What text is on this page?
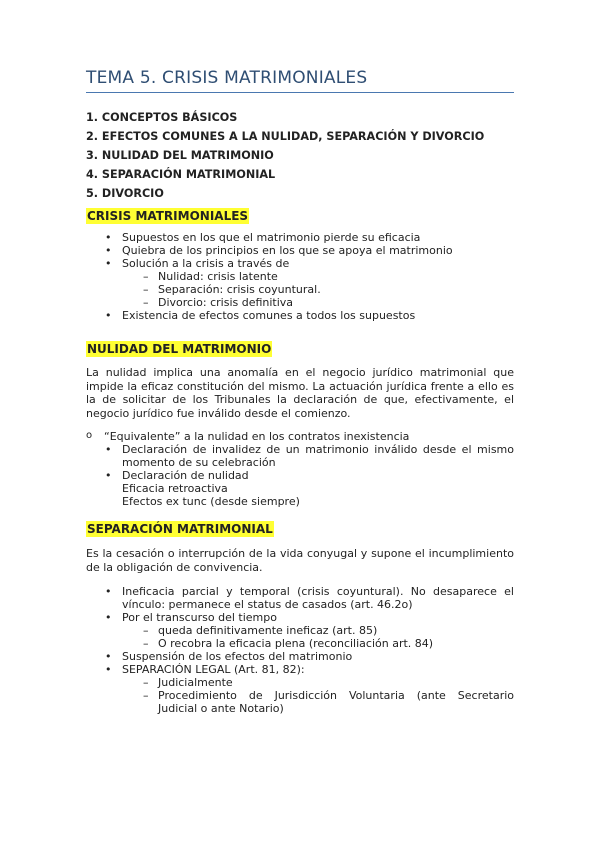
TEMA 5. CRISIS MATRIMONIALES
1. CONCEPTOS BÁSICOS
2. EFECTOS COMUNES A LA NULIDAD, SEPARACIÓN Y DIVORCIO
3. NULIDAD DEL MATRIMONIO
4. SEPARACIÓN MATRIMONIAL
5. DIVORCIO
CRISIS MATRIMONIALES
• Supuestos en los que el matrimonio pierde su eficacia
• Quiebra de los principios en los que se apoya el matrimonio
• Solución a la crisis a través de
– Nulidad: crisis latente
– Separación: crisis coyuntural.
– Divorcio: crisis definitiva
• Existencia de efectos comunes a todos los supuestos
NULIDAD DEL MATRIMONIO
La nulidad implica una anomalía en el negocio jurídico matrimonial que impide la eficaz constitución del mismo. La actuación jurídica frente a ello es la de solicitar de los Tribunales la declaración de que, efectivamente, el negocio jurídico fue inválido desde el comienzo.
o “Equivalente” a la nulidad en los contratos inexistencia
• Declaración de invalidez de un matrimonio inválido desde el mismo momento de su celebración
• Declaración de nulidad
Eficacia retroactiva
Efectos ex tunc (desde siempre)
SEPARACIÓN MATRIMONIAL
Es la cesación o interrupción de la vida conyugal y supone el incumplimiento de la obligación de convivencia.
• Ineficacia parcial y temporal (crisis coyuntural). No desaparece el vínculo: permanece el status de casados (art. 46.2o)
• Por el transcurso del tiempo
– queda definitivamente ineficaz (art. 85)
– O recobra la eficacia plena (reconciliación art. 84)
• Suspensión de los efectos del matrimonio
• SEPARACIÓN LEGAL (Art. 81, 82):
– Judicialmente
– Procedimiento de Jurisdicción Voluntaria (ante Secretario Judicial o ante Notario)
